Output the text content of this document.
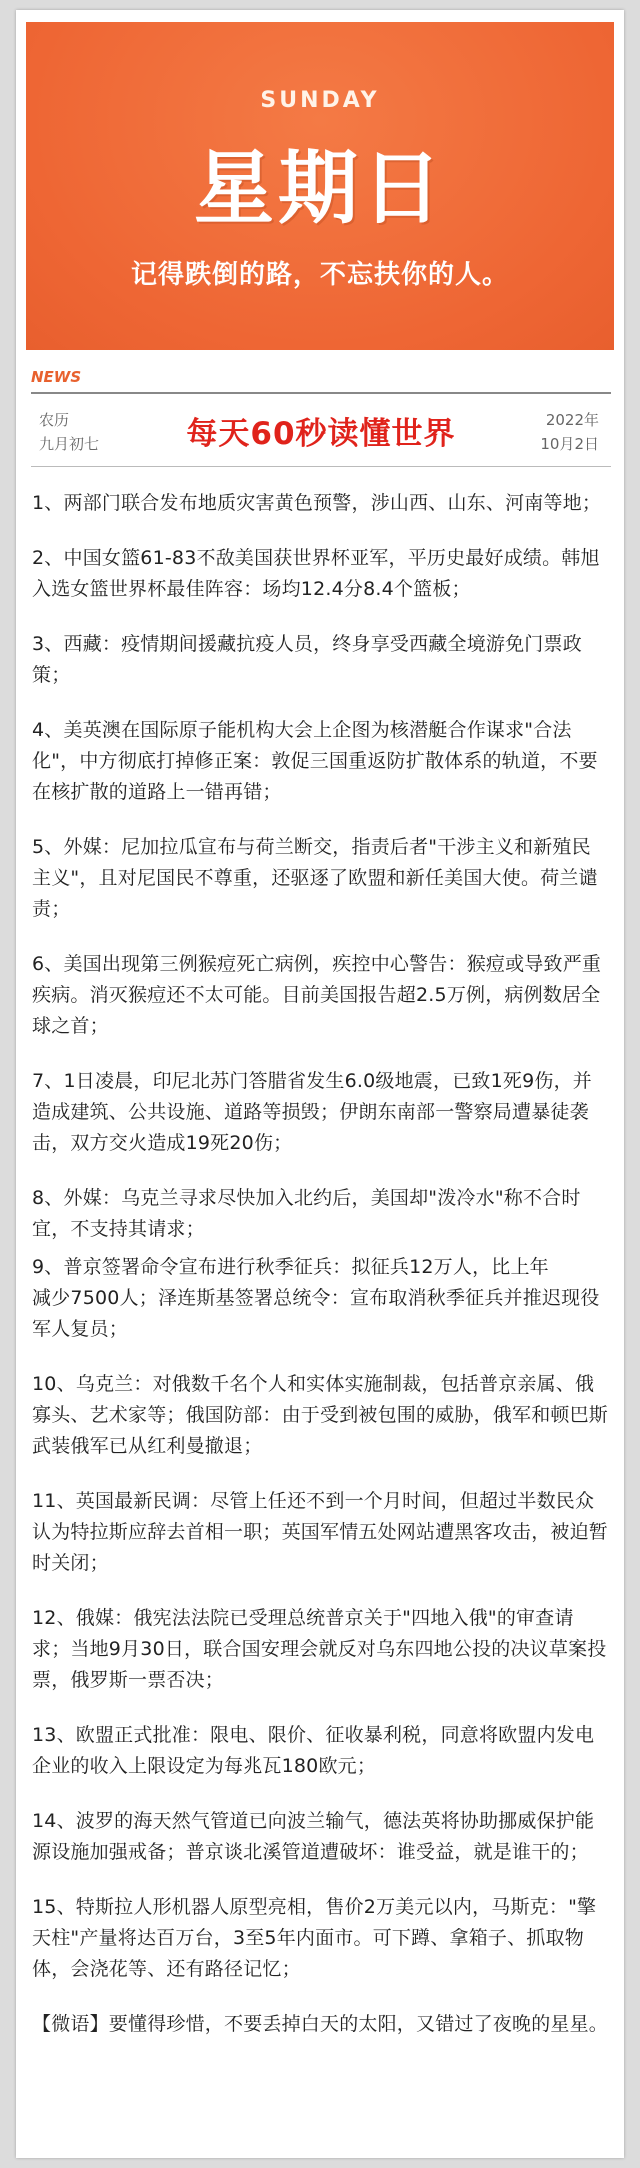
SUNDAY
星期日
记得跌倒的路，不忘扶你的人。
NEWS
农历
九月初七	每天60秒读懂世界	2022年
10月2日

1、两部门联合发布地质灾害黄色预警，涉山西、山东、河南等地；

2、中国女篮61-83不敌美国获世界杯亚军，平历史最好成绩。韩旭入选女篮世界杯最佳阵容：场均12.4分8.4个篮板；

3、西藏：疫情期间援藏抗疫人员，终身享受西藏全境游免门票政策；

4、美英澳在国际原子能机构大会上企图为核潜艇合作谋求"合法化"，中方彻底打掉修正案：敦促三国重返防扩散体系的轨道，不要在核扩散的道路上一错再错；

5、外媒：尼加拉瓜宣布与荷兰断交，指责后者"干涉主义和新殖民主义"，且对尼国民不尊重，还驱逐了欧盟和新任美国大使。荷兰谴责；

6、美国出现第三例猴痘死亡病例，疾控中心警告：猴痘或导致严重疾病。消灭猴痘还不太可能。目前美国报告超2.5万例，病例数居全球之首；

7、1日凌晨，印尼北苏门答腊省发生6.0级地震，已致1死9伤，并造成建筑、公共设施、道路等损毁；伊朗东南部一警察局遭暴徒袭击，双方交火造成19死20伤；

8、外媒：乌克兰寻求尽快加入北约后，美国却"泼冷水"称不合时宜，不支持其请求；

9、普京签署命令宣布进行秋季征兵：拟征兵12万人，比上年

减少7500人；泽连斯基签署总统令：宣布取消秋季征兵并推迟现役军人复员；

10、乌克兰：对俄数千名个人和实体实施制裁，包括普京亲属、俄寡头、艺术家等；俄国防部：由于受到被包围的威胁，俄军和顿巴斯武装俄军已从红利曼撤退；

11、英国最新民调：尽管上任还不到一个月时间，但超过半数民众认为特拉斯应辞去首相一职；英国军情五处网站遭黑客攻击，被迫暂时关闭；

12、俄媒：俄宪法法院已受理总统普京关于"四地入俄"的审查请求；当地9月30日，联合国安理会就反对乌东四地公投的决议草案投票，俄罗斯一票否决；

13、欧盟正式批准：限电、限价、征收暴利税，同意将欧盟内发电企业的收入上限设定为每兆瓦180欧元；

14、波罗的海天然气管道已向波兰输气，德法英将协助挪威保护能源设施加强戒备；普京谈北溪管道遭破坏：谁受益，就是谁干的；

15、特斯拉人形机器人原型亮相，售价2万美元以内，马斯克："擎天柱"产量将达百万台，3至5年内面市。可下蹲、拿箱子、抓取物体，会浇花等、还有路径记忆；

【微语】要懂得珍惜，不要丢掉白天的太阳，又错过了夜晚的星星。
